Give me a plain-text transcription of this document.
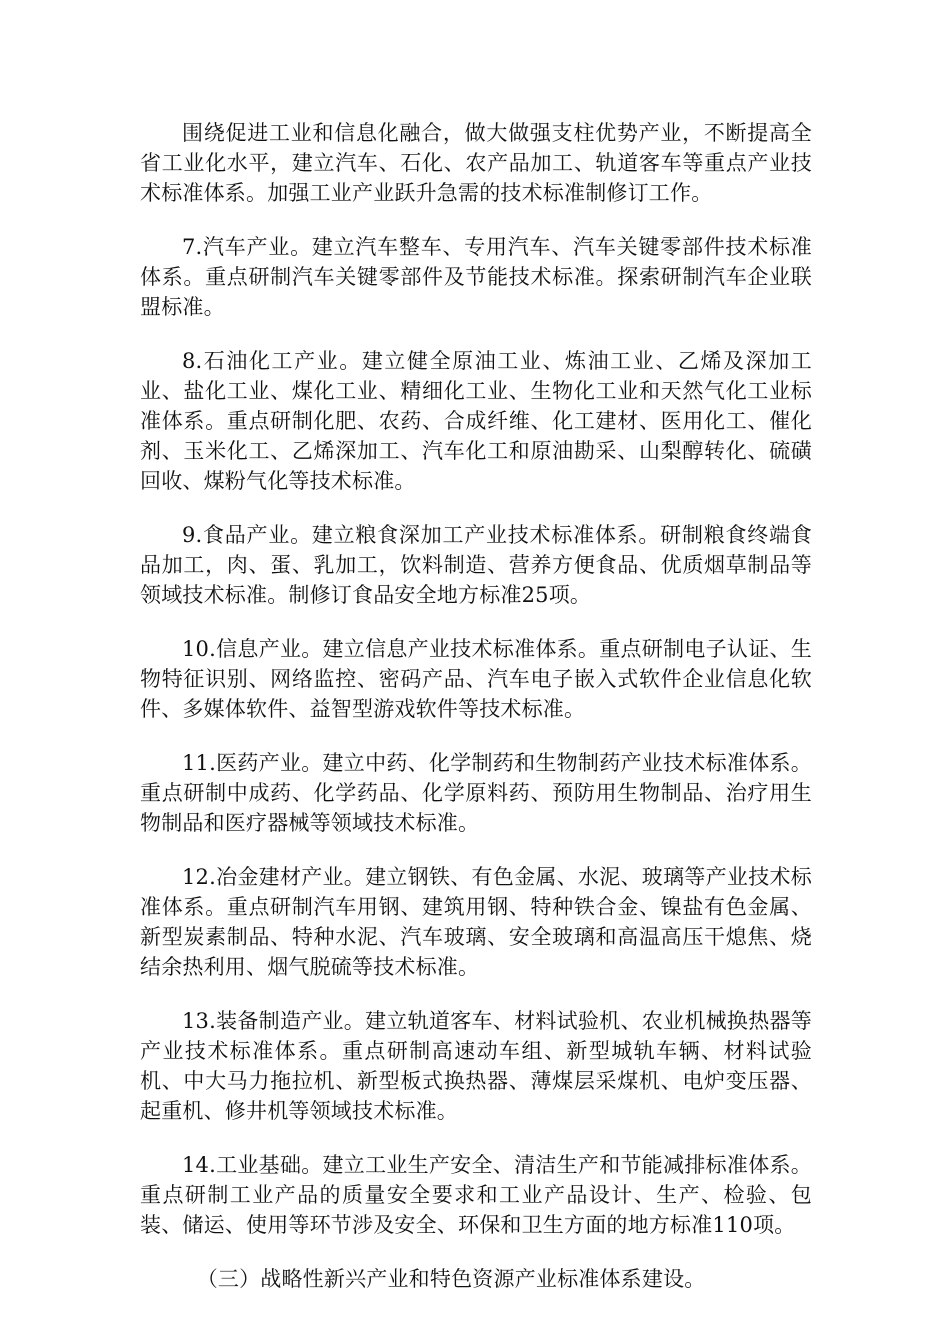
围绕促进工业和信息化融合，做大做强支柱优势产业，不断提高全省工业化水平，建立汽车、石化、农产品加工、轨道客车等重点产业技术标准体系。加强工业产业跃升急需的技术标准制修订工作。

7.汽车产业。建立汽车整车、专用汽车、汽车关键零部件技术标准体系。重点研制汽车关键零部件及节能技术标准。探索研制汽车企业联盟标准。

8.石油化工产业。建立健全原油工业、炼油工业、乙烯及深加工业、盐化工业、煤化工业、精细化工业、生物化工业和天然气化工业标准体系。重点研制化肥、农药、合成纤维、化工建材、医用化工、催化剂、玉米化工、乙烯深加工、汽车化工和原油勘采、山梨醇转化、硫磺回收、煤粉气化等技术标准。

9.食品产业。建立粮食深加工产业技术标准体系。研制粮食终端食品加工，肉、蛋、乳加工，饮料制造、营养方便食品、优质烟草制品等领域技术标准。制修订食品安全地方标准25项。

10.信息产业。建立信息产业技术标准体系。重点研制电子认证、生物特征识别、网络监控、密码产品、汽车电子嵌入式软件企业信息化软件、多媒体软件、益智型游戏软件等技术标准。

11.医药产业。建立中药、化学制药和生物制药产业技术标准体系。重点研制中成药、化学药品、化学原料药、预防用生物制品、治疗用生物制品和医疗器械等领域技术标准。

12.冶金建材产业。建立钢铁、有色金属、水泥、玻璃等产业技术标准体系。重点研制汽车用钢、建筑用钢、特种铁合金、镍盐有色金属、新型炭素制品、特种水泥、汽车玻璃、安全玻璃和高温高压干熄焦、烧结余热利用、烟气脱硫等技术标准。

13.装备制造产业。建立轨道客车、材料试验机、农业机械换热器等产业技术标准体系。重点研制高速动车组、新型城轨车辆、材料试验机、中大马力拖拉机、新型板式换热器、薄煤层采煤机、电炉变压器、起重机、修井机等领域技术标准。

14.工业基础。建立工业生产安全、清洁生产和节能减排标准体系。重点研制工业产品的质量安全要求和工业产品设计、生产、检验、包装、储运、使用等环节涉及安全、环保和卫生方面的地方标准110项。

（三）战略性新兴产业和特色资源产业标准体系建设。
